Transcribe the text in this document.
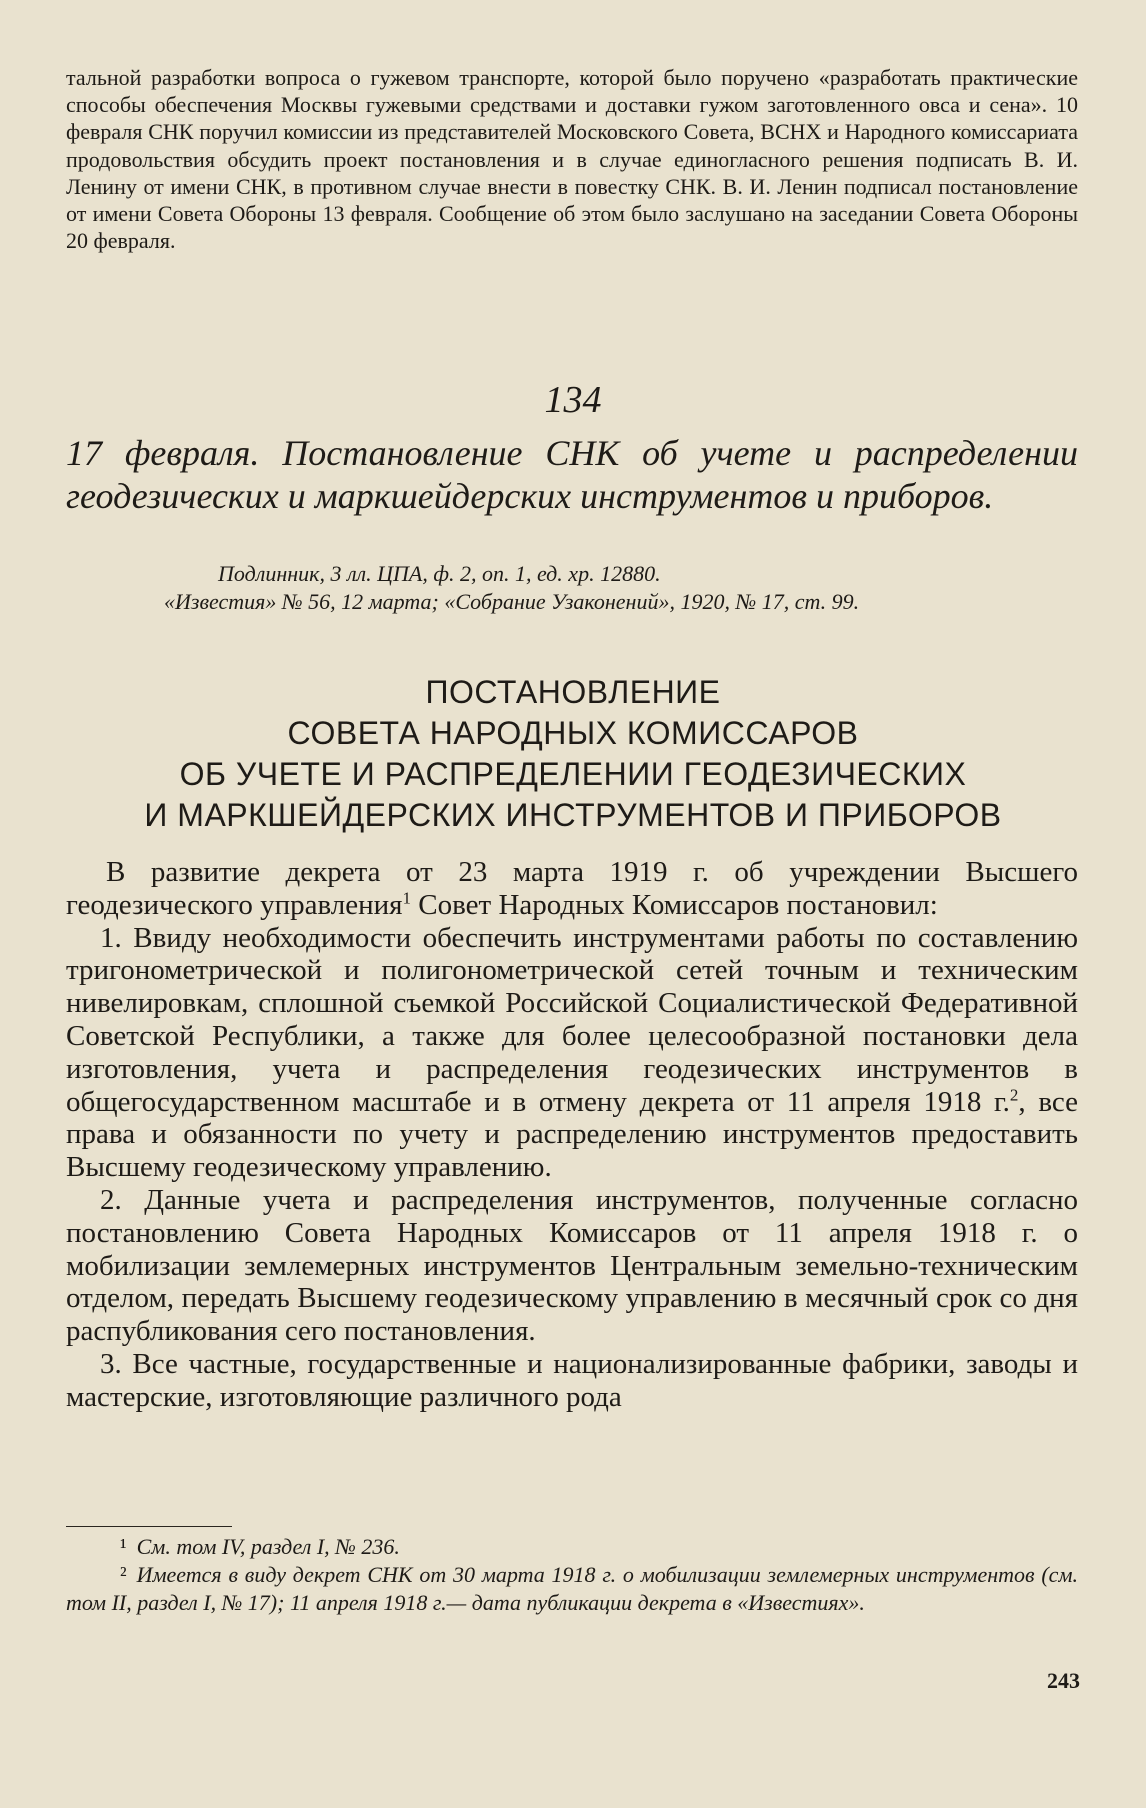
тальной разработки вопроса о гужевом транспорте, которой было поручено «разработать практические способы обеспечения Москвы гужевыми средствами и доставки гужом заготовленного овса и сена». 10 февраля СНК поручил комиссии из представителей Московского Совета, ВСНХ и Народного комиссариата продовольствия обсудить проект постановления и в случае единогласного решения подписать В. И. Ленину от имени СНК, в противном случае внести в повестку СНК. В. И. Ленин подписал постановление от имени Совета Обороны 13 февраля. Сообщение об этом было заслушано на заседании Совета Обороны 20 февраля.
134
17 февраля. Постановление СНК об учете и распределении геодезических и маркшейдерских инструментов и приборов.
Подлинник, 3 лл. ЦПА, ф. 2, оп. 1, ед. хр. 12880.
«Известия» № 56, 12 марта; «Собрание Узаконений», 1920, № 17, ст. 99.
ПОСТАНОВЛЕНИЕ
СОВЕТА НАРОДНЫХ КОМИССАРОВ
ОБ УЧЕТЕ И РАСПРЕДЕЛЕНИИ ГЕОДЕЗИЧЕСКИХ
И МАРКШЕЙДЕРСКИХ ИНСТРУМЕНТОВ И ПРИБОРОВ

В развитие декрета от 23 марта 1919 г. об учреждении Высшего геодезического управления$^1$ Совет Народных Комиссаров постановил:

1. Ввиду необходимости обеспечить инструментами работы по составлению тригонометрической и полигонометрической сетей точным и техническим нивелировкам, сплошной съемкой Российской Социалистической Федеративной Советской Республики, а также для более целесообразной постановки дела изготовления, учета и распределения геодезических инструментов в общегосударственном масштабе и в отмену декрета от 11 апреля 1918 г.$^2$, все права и обязанности по учету и распределению инструментов предоставить Высшему геодезическому управлению.

2. Данные учета и распределения инструментов, полученные согласно постановлению Совета Народных Комиссаров от 11 апреля 1918 г. о мобилизации землемерных инструментов Центральным земельно-техническим отделом, передать Высшему геодезическому управлению в месячный срок со дня распубликования сего постановления.

3. Все частные, государственные и национализированные фабрики, заводы и мастерские, изготовляющие различного рода

¹ См. том IV, раздел I, № 236.

² Имеется в виду декрет СНК от 30 марта 1918 г. о мобилизации землемерных инструментов (см. том II, раздел I, № 17); 11 апреля 1918 г.— дата публикации декрета в «Известиях».

243
